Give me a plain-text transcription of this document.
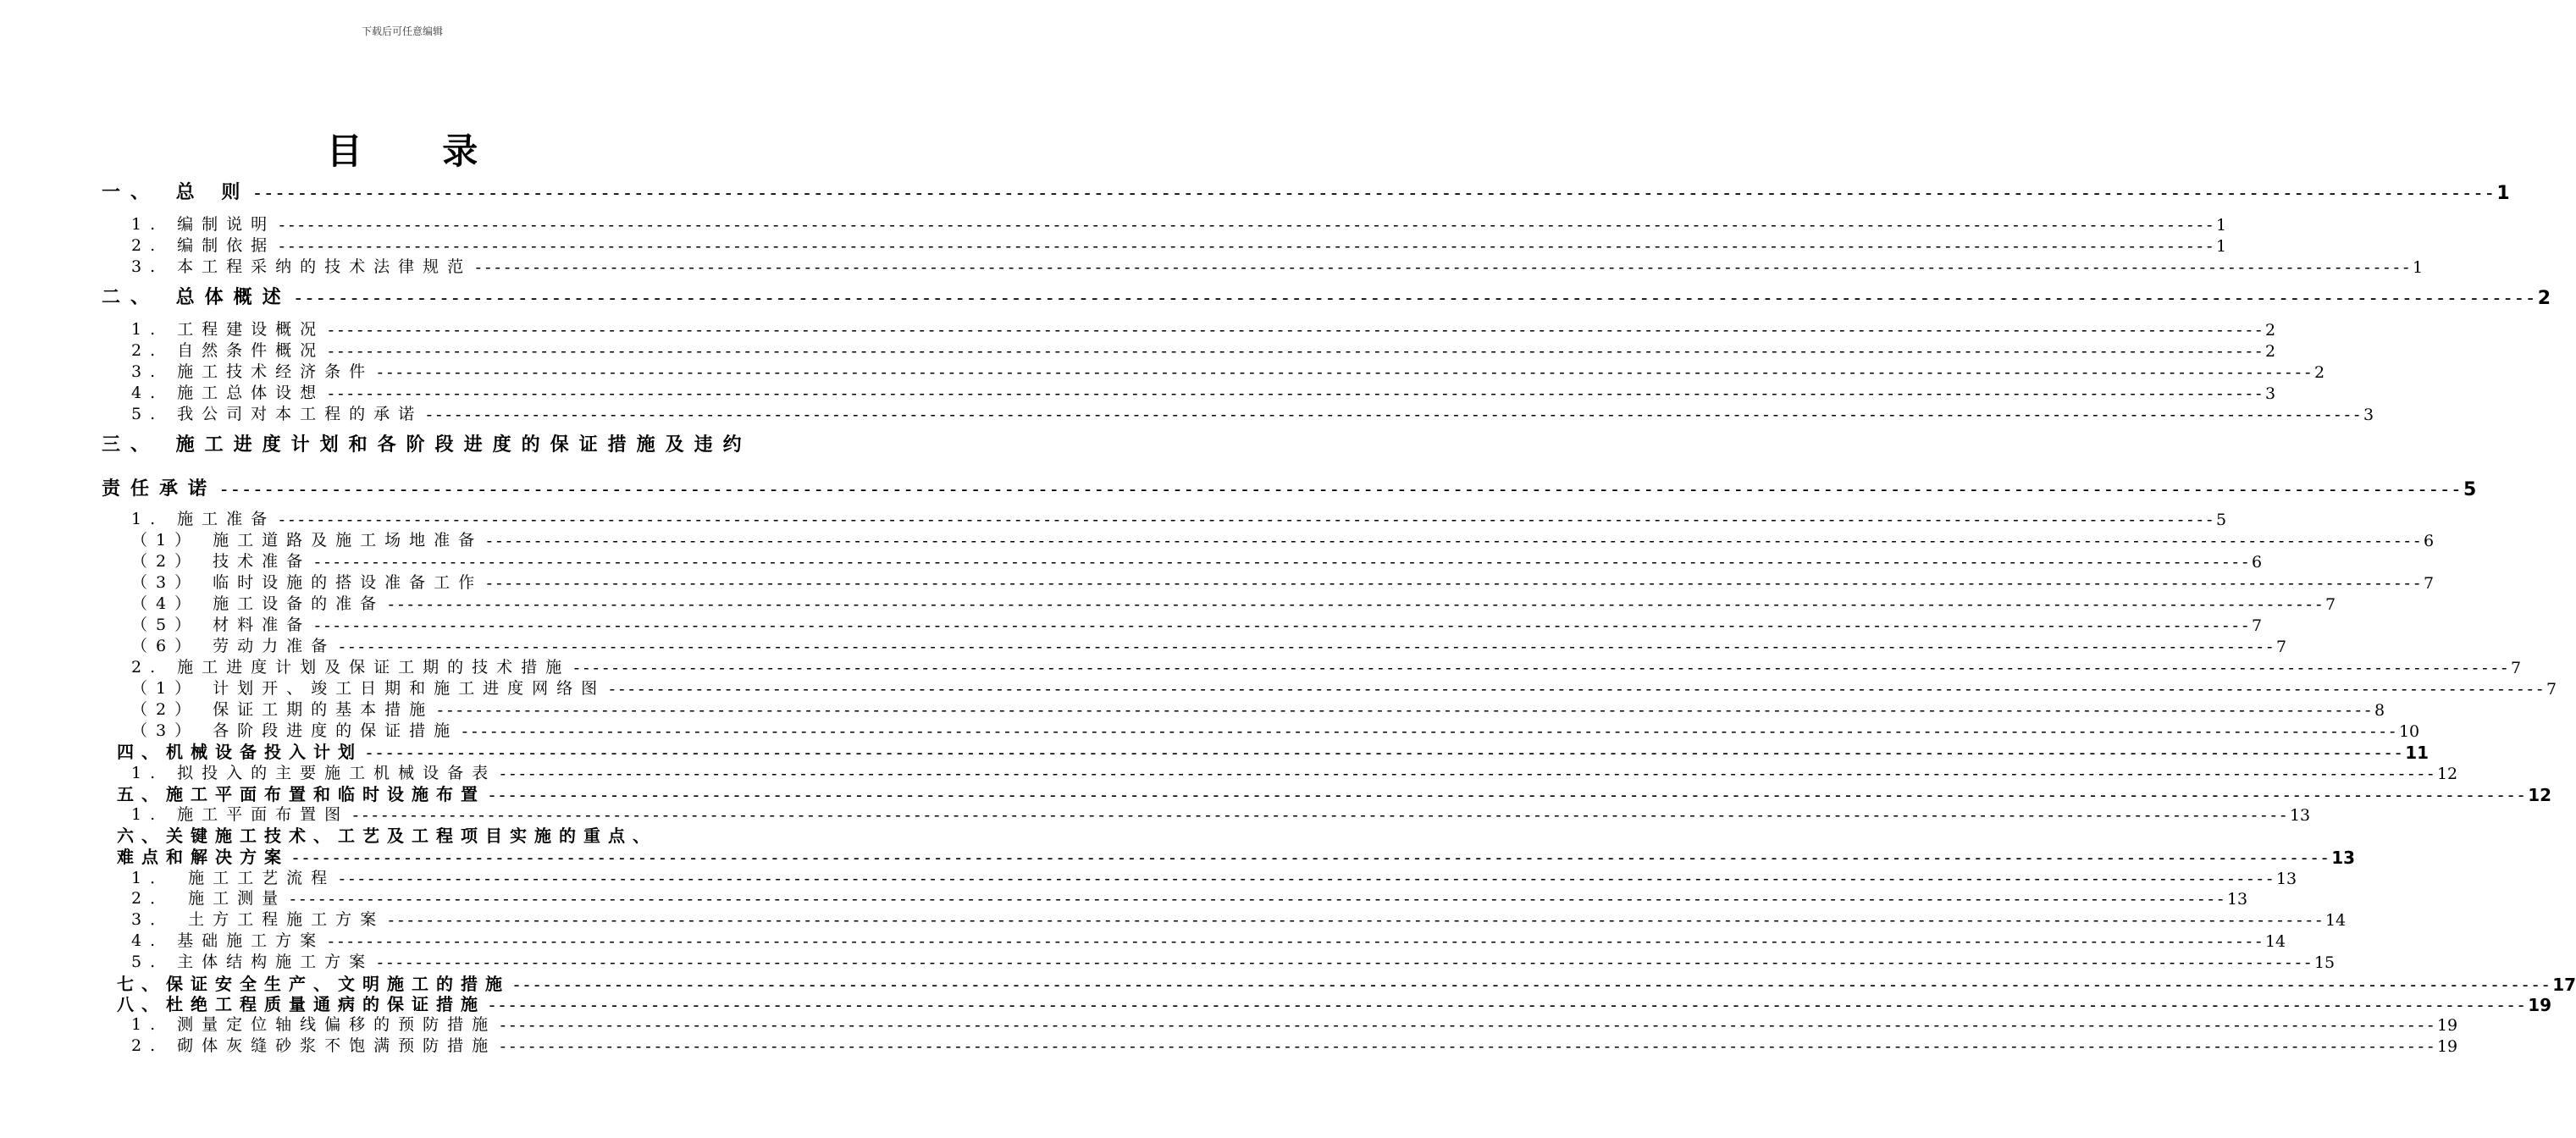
下载后可任意编辑
目 录
一、 总 则 -------------------------------------------------------------------------------------------------------------------------------------------------------------------------------------------------------- 1
1. 编制说明 -------------------------------------------------------------------------------------------------------------------------------------------------------------------------------------------------------- 1
2. 编制依据 -------------------------------------------------------------------------------------------------------------------------------------------------------------------------------------------------------- 1
3. 本工程采纳的技术法律规范 -------------------------------------------------------------------------------------------------------------------------------------------------------------------------------------------------------- 1
二、 总体概述 -------------------------------------------------------------------------------------------------------------------------------------------------------------------------------------------------------- 2
1. 工程建设概况 -------------------------------------------------------------------------------------------------------------------------------------------------------------------------------------------------------- 2
2. 自然条件概况 -------------------------------------------------------------------------------------------------------------------------------------------------------------------------------------------------------- 2
3. 施工技术经济条件 -------------------------------------------------------------------------------------------------------------------------------------------------------------------------------------------------------- 2
4. 施工总体设想 -------------------------------------------------------------------------------------------------------------------------------------------------------------------------------------------------------- 3
5. 我公司对本工程的承诺 -------------------------------------------------------------------------------------------------------------------------------------------------------------------------------------------------------- 3
三、 施工进度计划和各阶段进度的保证措施及违约
责任承诺 -------------------------------------------------------------------------------------------------------------------------------------------------------------------------------------------------------- 5
1. 施工准备 -------------------------------------------------------------------------------------------------------------------------------------------------------------------------------------------------------- 5
（1） 施工道路及施工场地准备 -------------------------------------------------------------------------------------------------------------------------------------------------------------------------------------------------------- 6
（2） 技术准备 -------------------------------------------------------------------------------------------------------------------------------------------------------------------------------------------------------- 6
（3） 临时设施的搭设准备工作 -------------------------------------------------------------------------------------------------------------------------------------------------------------------------------------------------------- 7
（4） 施工设备的准备 -------------------------------------------------------------------------------------------------------------------------------------------------------------------------------------------------------- 7
（5） 材料准备 -------------------------------------------------------------------------------------------------------------------------------------------------------------------------------------------------------- 7
（6） 劳动力准备 -------------------------------------------------------------------------------------------------------------------------------------------------------------------------------------------------------- 7
2. 施工进度计划及保证工期的技术措施 -------------------------------------------------------------------------------------------------------------------------------------------------------------------------------------------------------- 7
（1） 计划开、竣工日期和施工进度网络图 -------------------------------------------------------------------------------------------------------------------------------------------------------------------------------------------------------- 7
（2） 保证工期的基本措施 -------------------------------------------------------------------------------------------------------------------------------------------------------------------------------------------------------- 8
（3） 各阶段进度的保证措施 -------------------------------------------------------------------------------------------------------------------------------------------------------------------------------------------------------- 10
四、机械设备投入计划 -------------------------------------------------------------------------------------------------------------------------------------------------------------------------------------------------------- 11
1. 拟投入的主要施工机械设备表 -------------------------------------------------------------------------------------------------------------------------------------------------------------------------------------------------------- 12
五、施工平面布置和临时设施布置 -------------------------------------------------------------------------------------------------------------------------------------------------------------------------------------------------------- 12
1. 施工平面布置图 -------------------------------------------------------------------------------------------------------------------------------------------------------------------------------------------------------- 13
六、关键施工技术、工艺及工程项目实施的重点、
难点和解决方案 -------------------------------------------------------------------------------------------------------------------------------------------------------------------------------------------------------- 13
1． 施工工艺流程 -------------------------------------------------------------------------------------------------------------------------------------------------------------------------------------------------------- 13
2． 施工测量 -------------------------------------------------------------------------------------------------------------------------------------------------------------------------------------------------------- 13
3． 土方工程施工方案 -------------------------------------------------------------------------------------------------------------------------------------------------------------------------------------------------------- 14
4. 基础施工方案 -------------------------------------------------------------------------------------------------------------------------------------------------------------------------------------------------------- 14
5. 主体结构施工方案 -------------------------------------------------------------------------------------------------------------------------------------------------------------------------------------------------------- 15
七、保证安全生产、文明施工的措施 -------------------------------------------------------------------------------------------------------------------------------------------------------------------------------------------------------- 17
八、杜绝工程质量通病的保证措施 -------------------------------------------------------------------------------------------------------------------------------------------------------------------------------------------------------- 19
1. 测量定位轴线偏移的预防措施 -------------------------------------------------------------------------------------------------------------------------------------------------------------------------------------------------------- 19
2. 砌体灰缝砂浆不饱满预防措施 -------------------------------------------------------------------------------------------------------------------------------------------------------------------------------------------------------- 19
